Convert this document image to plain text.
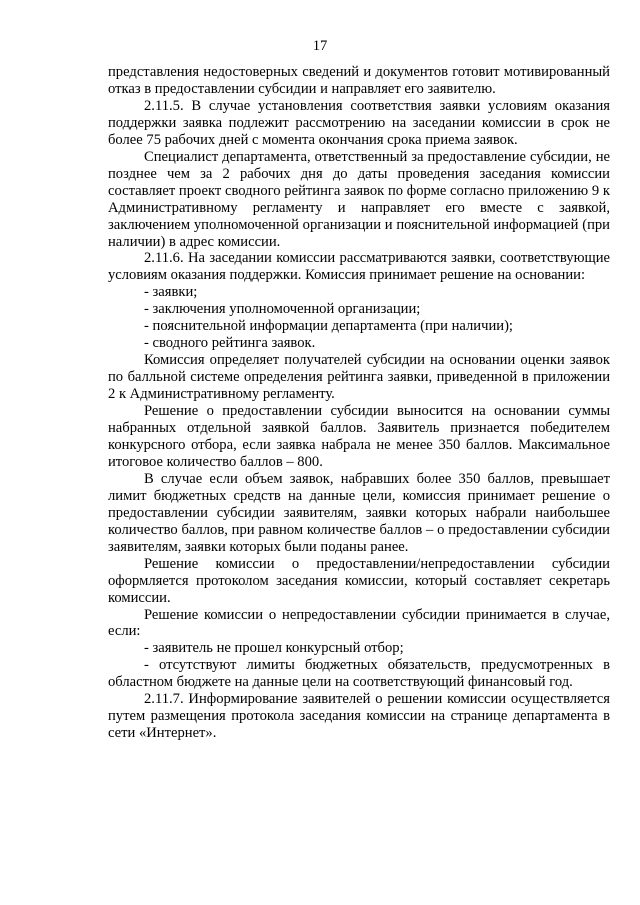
17

представления недостоверных сведений и документов готовит мотивированный отказ в предоставлении субсидии и направляет его заявителю.

2.11.5. В случае установления соответствия заявки условиям оказания поддержки заявка подлежит рассмотрению на заседании комиссии в срок не более 75 рабочих дней с момента окончания срока приема заявок.

Специалист департамента, ответственный за предоставление субсидии, не позднее чем за 2 рабочих дня до даты проведения заседания комиссии составляет проект сводного рейтинга заявок по форме согласно приложению 9 к Административному регламенту и направляет его вместе с заявкой, заключением уполномоченной организации и пояснительной информацией (при наличии) в адрес комиссии.

2.11.6. На заседании комиссии рассматриваются заявки, соответствующие условиям оказания поддержки. Комиссия принимает решение на основании:

- заявки;

- заключения уполномоченной организации;

- пояснительной информации департамента (при наличии);

- сводного рейтинга заявок.

Комиссия определяет получателей субсидии на основании оценки заявок по балльной системе определения рейтинга заявки, приведенной в приложении 2 к Административному регламенту.

Решение о предоставлении субсидии выносится на основании суммы набранных отдельной заявкой баллов. Заявитель признается победителем конкурсного отбора, если заявка набрала не менее 350 баллов. Максимальное итоговое количество баллов – 800.

В случае если объем заявок, набравших более 350 баллов, превышает лимит бюджетных средств на данные цели, комиссия принимает решение о предоставлении субсидии заявителям, заявки которых набрали наибольшее количество баллов, при равном количестве баллов – о предоставлении субсидии заявителям, заявки которых были поданы ранее.

Решение комиссии о предоставлении/непредоставлении субсидии оформляется протоколом заседания комиссии, который составляет секретарь комиссии.

Решение комиссии о непредоставлении субсидии принимается в случае, если:

- заявитель не прошел конкурсный отбор;

- отсутствуют лимиты бюджетных обязательств, предусмотренных в областном бюджете на данные цели на соответствующий финансовый год.

2.11.7. Информирование заявителей о решении комиссии осуществляется путем размещения протокола заседания комиссии на странице департамента в сети «Интернет».
